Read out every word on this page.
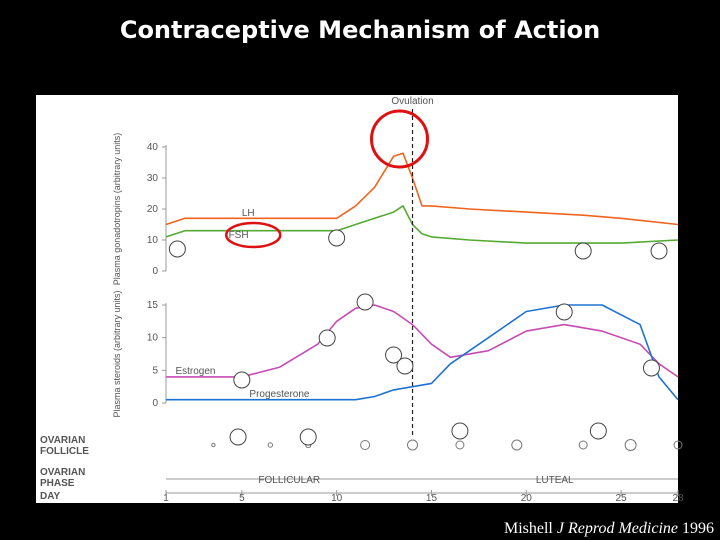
Contraceptive Mechanism of Action
0
10
20
30
40
Plasma gonadotropins (arbitrary units)
0
5
10
15
Plasma steroids (arbitrary units)
LH
FSH
Estrogen
Progesterone
Ovulation
OVARIAN
FOLLICLE
OVARIAN
PHASE	FOLLICULAR	LUTEAL
DAY	1	5	10	15	20	25	28
Mishell J Reprod Medicine 1996
